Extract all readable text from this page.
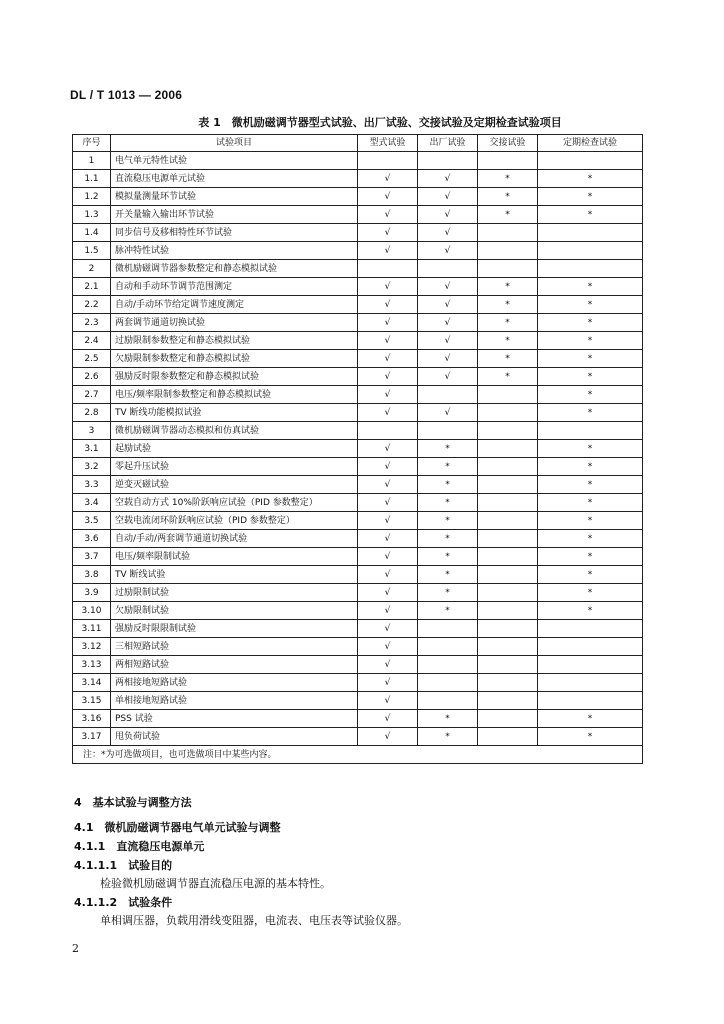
DL / T 1013 — 2006
表 1　微机励磁调节器型式试验、出厂试验、交接试验及定期检查试验项目
序号	试验项目	型式试验	出厂试验	交接试验	定期检查试验
1	电气单元特性试验				
1.1	直流稳压电源单元试验	√	√	*	*
1.2	模拟量测量环节试验	√	√	*	*
1.3	开关量输入输出环节试验	√	√	*	*
1.4	同步信号及移相特性环节试验	√	√		
1.5	脉冲特性试验	√	√		
2	微机励磁调节器参数整定和静态模拟试验				
2.1	自动和手动环节调节范围测定	√	√	*	*
2.2	自动/手动环节给定调节速度测定	√	√	*	*
2.3	两套调节通道切换试验	√	√	*	*
2.4	过励限制参数整定和静态模拟试验	√	√	*	*
2.5	欠励限制参数整定和静态模拟试验	√	√	*	*
2.6	强励反时限参数整定和静态模拟试验	√	√	*	*
2.7	电压/频率限制参数整定和静态模拟试验	√			*
2.8	TV 断线功能模拟试验	√	√		*
3	微机励磁调节器动态模拟和仿真试验				
3.1	起励试验	√	*		*
3.2	零起升压试验	√	*		*
3.3	逆变灭磁试验	√	*		*
3.4	空载自动方式 10%阶跃响应试验（PID 参数整定）	√	*		*
3.5	空载电流闭环阶跃响应试验（PID 参数整定）	√	*		*
3.6	自动/手动/两套调节通道切换试验	√	*		*
3.7	电压/频率限制试验	√	*		*
3.8	TV 断线试验	√	*		*
3.9	过励限制试验	√	*		*
3.10	欠励限制试验	√	*		*
3.11	强励反时限限制试验	√			
3.12	三相短路试验	√			
3.13	两相短路试验	√			
3.14	两相接地短路试验	√			
3.15	单相接地短路试验	√			
3.16	PSS 试验	√	*		*
3.17	甩负荷试验	√	*		*
注：*为可选做项目，也可选做项目中某些内容。					
4　基本试验与调整方法
4.1　微机励磁调节器电气单元试验与调整
4.1.1　直流稳压电源单元
4.1.1.1　试验目的
检验微机励磁调节器直流稳压电源的基本特性。
4.1.1.2　试验条件
单相调压器，负载用滑线变阻器，电流表、电压表等试验仪器。
2
